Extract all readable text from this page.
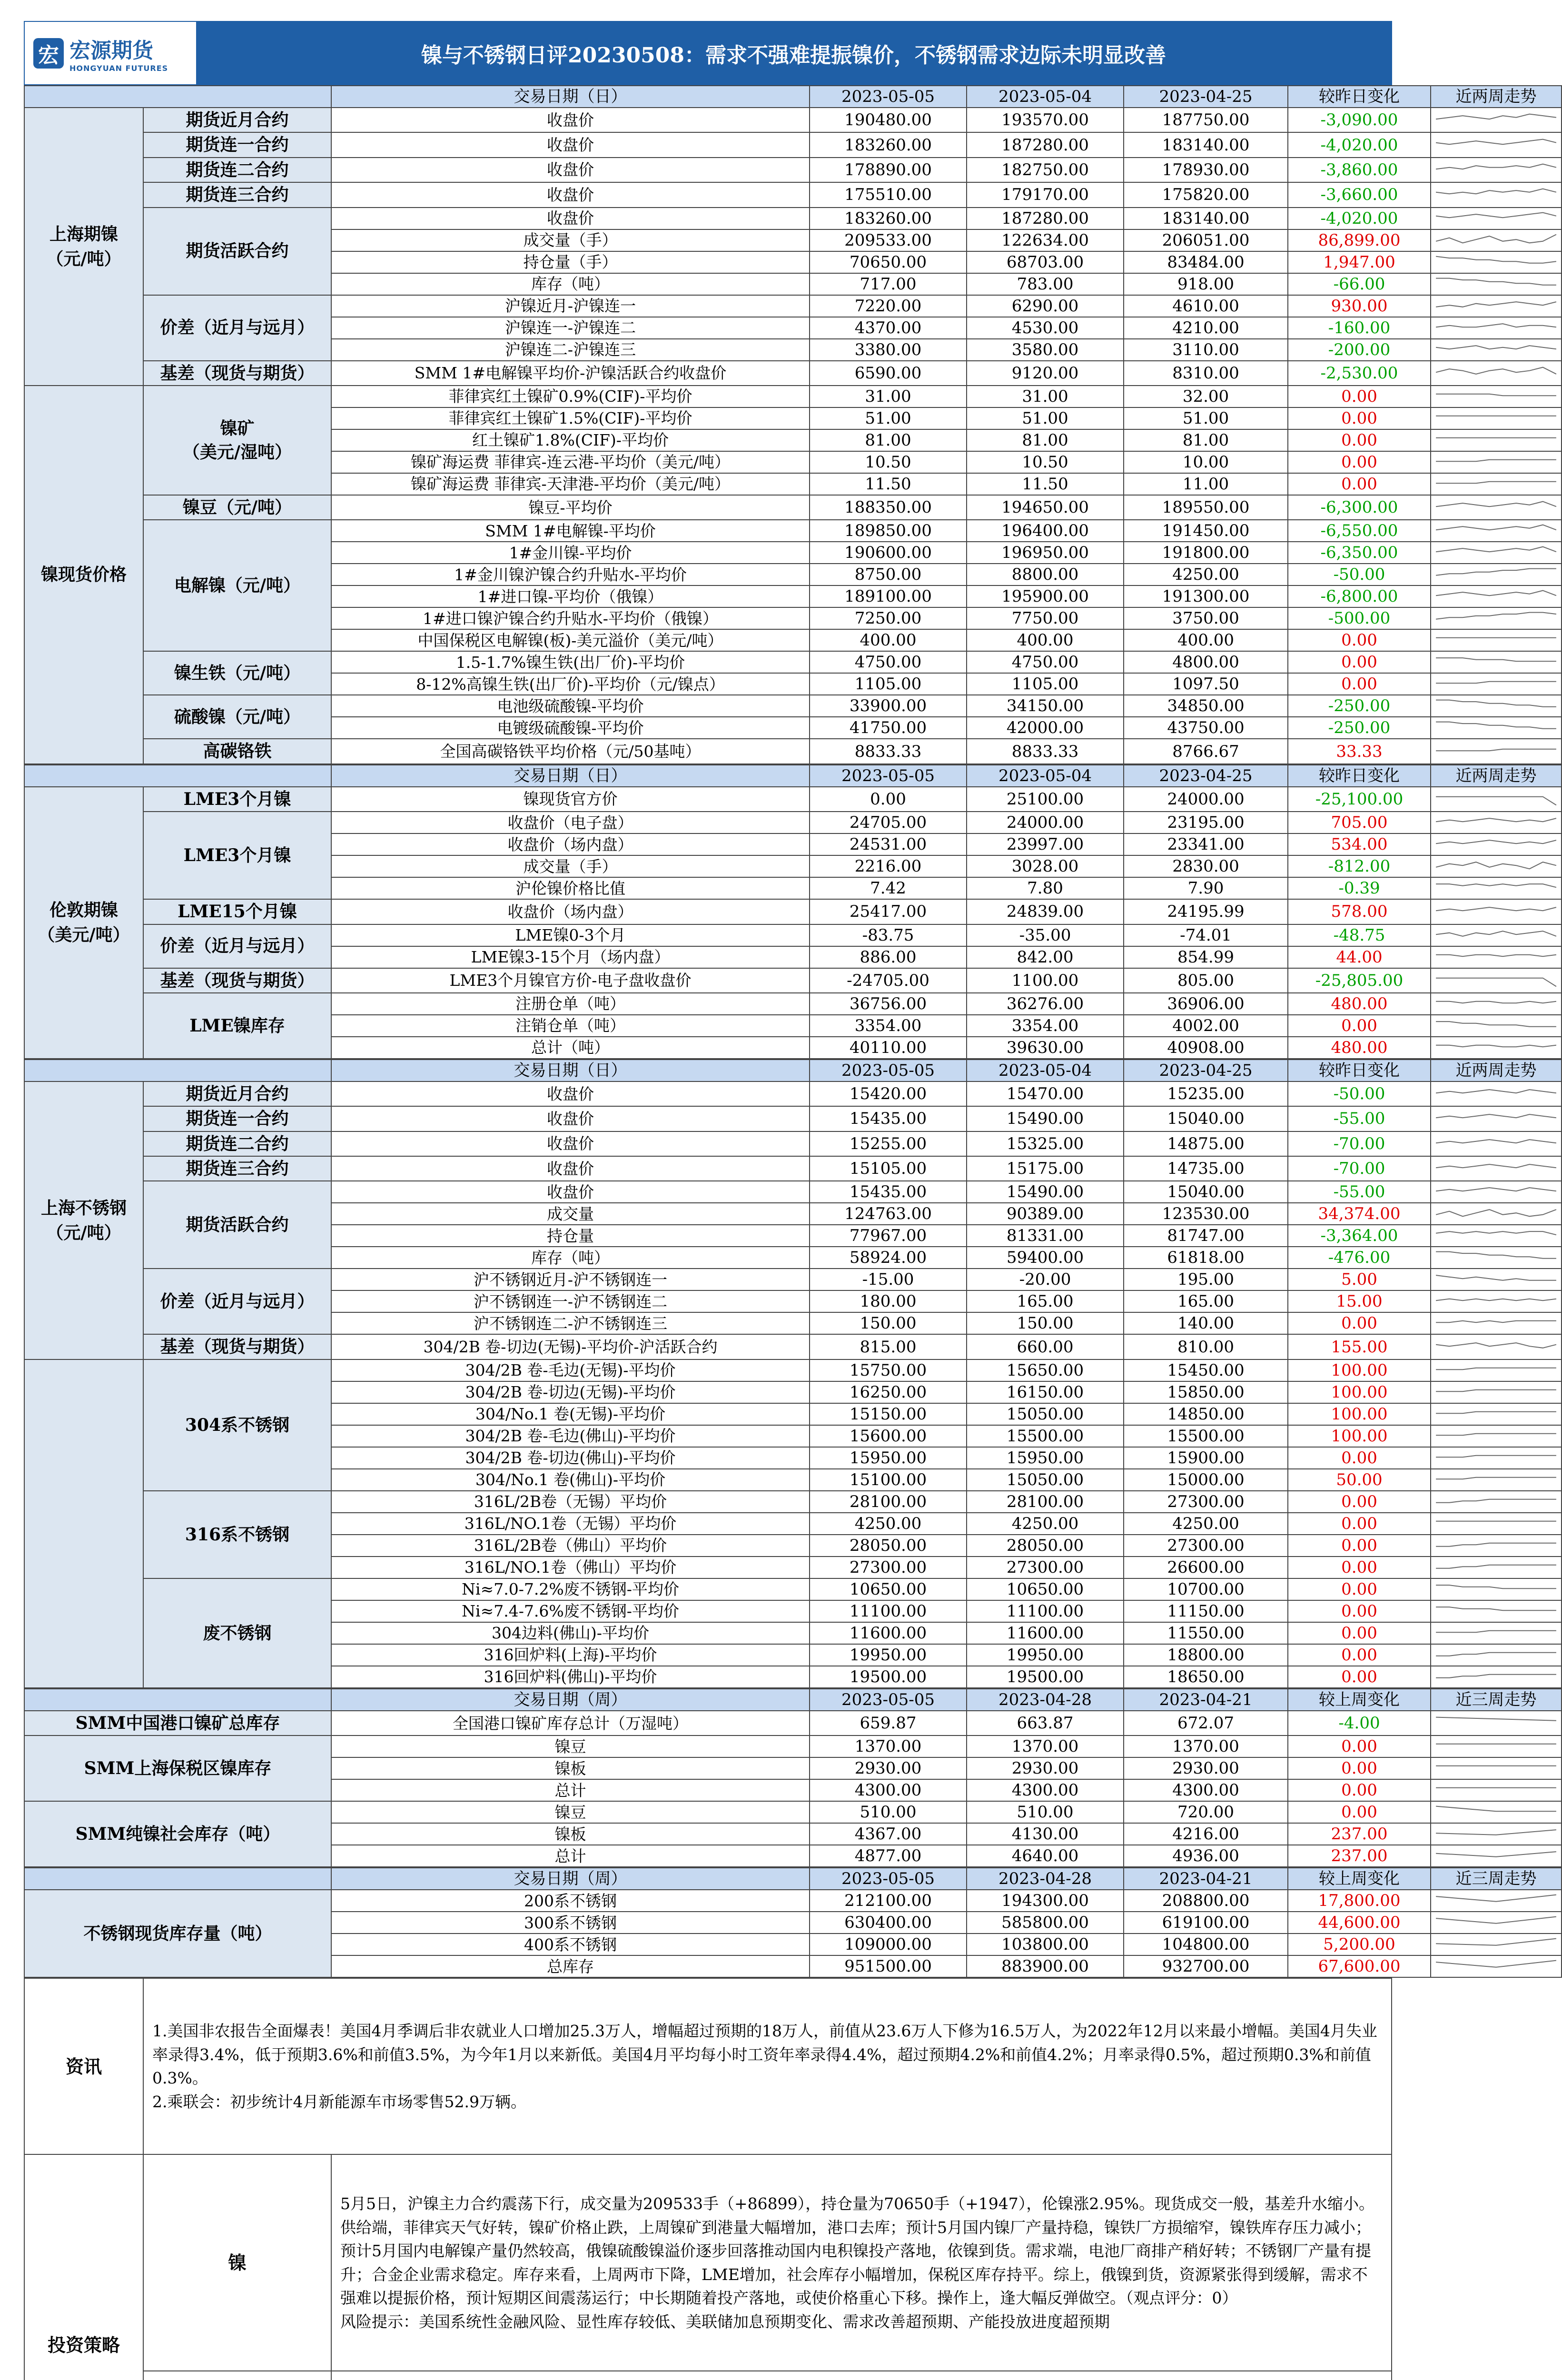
宏 宏源期货
HONGYUAN FUTURES
镍与不锈钢日评20230508：需求不强难提振镍价，不锈钢需求边际未明显改善
		交易日期（日）	2023-05-05	2023-05-04	2023-04-25	较昨日变化	近两周走势
上海期镍
（元/吨）	期货近月合约	收盘价	190480.00	193570.00	187750.00	-3,090.00	

	期货连一合约	收盘价	183260.00	187280.00	183140.00	-4,020.00	

	期货连二合约	收盘价	178890.00	182750.00	178930.00	-3,860.00	

	期货连三合约	收盘价	175510.00	179170.00	175820.00	-3,660.00	

	期货活跃合约	收盘价	183260.00	187280.00	183140.00	-4,020.00	

		成交量（手）	209533.00	122634.00	206051.00	86,899.00	

		持仓量（手）	70650.00	68703.00	83484.00	1,947.00	

		库存（吨）	717.00	783.00	918.00	-66.00	

	价差（近月与远月）	沪镍近月-沪镍连一	7220.00	6290.00	4610.00	930.00	

		沪镍连一-沪镍连二	4370.00	4530.00	4210.00	-160.00	

		沪镍连二-沪镍连三	3380.00	3580.00	3110.00	-200.00	

	基差（现货与期货）	SMM 1#电解镍平均价-沪镍活跃合约收盘价	6590.00	9120.00	8310.00	-2,530.00	

镍现货价格	镍矿
（美元/湿吨）	菲律宾红土镍矿0.9%(CIF)-平均价	31.00	31.00	32.00	0.00	

		菲律宾红土镍矿1.5%(CIF)-平均价	51.00	51.00	51.00	0.00	

		红土镍矿1.8%(CIF)-平均价	81.00	81.00	81.00	0.00	

		镍矿海运费 菲律宾-连云港-平均价（美元/吨）	10.50	10.50	10.00	0.00	

		镍矿海运费 菲律宾-天津港-平均价（美元/吨）	11.50	11.50	11.00	0.00	

	镍豆（元/吨）	镍豆-平均价	188350.00	194650.00	189550.00	-6,300.00	

	电解镍（元/吨）	SMM 1#电解镍-平均价	189850.00	196400.00	191450.00	-6,550.00	

		1#金川镍-平均价	190600.00	196950.00	191800.00	-6,350.00	

		1#金川镍沪镍合约升贴水-平均价	8750.00	8800.00	4250.00	-50.00	

		1#进口镍-平均价（俄镍）	189100.00	195900.00	191300.00	-6,800.00	

		1#进口镍沪镍合约升贴水-平均价（俄镍）	7250.00	7750.00	3750.00	-500.00	

		中国保税区电解镍(板)-美元溢价（美元/吨）	400.00	400.00	400.00	0.00	

	镍生铁（元/吨）	1.5-1.7%镍生铁(出厂价)-平均价	4750.00	4750.00	4800.00	0.00	

		8-12%高镍生铁(出厂价)-平均价（元/镍点）	1105.00	1105.00	1097.50	0.00	

	硫酸镍（元/吨）	电池级硫酸镍-平均价	33900.00	34150.00	34850.00	-250.00	

		电镀级硫酸镍-平均价	41750.00	42000.00	43750.00	-250.00	

	高碳铬铁	全国高碳铬铁平均价格（元/50基吨）	8833.33	8833.33	8766.67	33.33	
		交易日期（日）	2023-05-05	2023-05-04	2023-04-25	较昨日变化	近两周走势
伦敦期镍
（美元/吨）	LME3个月镍	镍现货官方价	0.00	25100.00	24000.00	-25,100.00	

	LME3个月镍	收盘价（电子盘）	24705.00	24000.00	23195.00	705.00	

		收盘价（场内盘）	24531.00	23997.00	23341.00	534.00	

		成交量（手）	2216.00	3028.00	2830.00	-812.00	

		沪伦镍价格比值	7.42	7.80	7.90	-0.39	

	LME15个月镍	收盘价（场内盘）	25417.00	24839.00	24195.99	578.00	

	价差（近月与远月）	LME镍0-3个月	-83.75	-35.00	-74.01	-48.75	

		LME镍3-15个月（场内盘）	886.00	842.00	854.99	44.00	

	基差（现货与期货）	LME3个月镍官方价-电子盘收盘价	-24705.00	1100.00	805.00	-25,805.00	

	LME镍库存	注册仓单（吨）	36756.00	36276.00	36906.00	480.00	

		注销仓单（吨）	3354.00	3354.00	4002.00	0.00	

		总计（吨）	40110.00	39630.00	40908.00	480.00	
		交易日期（日）	2023-05-05	2023-05-04	2023-04-25	较昨日变化	近两周走势
上海不锈钢
（元/吨）	期货近月合约	收盘价	15420.00	15470.00	15235.00	-50.00	

	期货连一合约	收盘价	15435.00	15490.00	15040.00	-55.00	

	期货连二合约	收盘价	15255.00	15325.00	14875.00	-70.00	

	期货连三合约	收盘价	15105.00	15175.00	14735.00	-70.00	

	期货活跃合约	收盘价	15435.00	15490.00	15040.00	-55.00	

		成交量	124763.00	90389.00	123530.00	34,374.00	

		持仓量	77967.00	81331.00	81747.00	-3,364.00	

		库存（吨）	58924.00	59400.00	61818.00	-476.00	

	价差（近月与远月）	沪不锈钢近月-沪不锈钢连一	-15.00	-20.00	195.00	5.00	

		沪不锈钢连一-沪不锈钢连二	180.00	165.00	165.00	15.00	

		沪不锈钢连二-沪不锈钢连三	150.00	150.00	140.00	0.00	

	基差（现货与期货）	304/2B 卷-切边(无锡)-平均价-沪活跃合约	815.00	660.00	810.00	155.00	

	304系不锈钢	304/2B 卷-毛边(无锡)-平均价	15750.00	15650.00	15450.00	100.00	

		304/2B 卷-切边(无锡)-平均价	16250.00	16150.00	15850.00	100.00	

		304/No.1 卷(无锡)-平均价	15150.00	15050.00	14850.00	100.00	

		304/2B 卷-毛边(佛山)-平均价	15600.00	15500.00	15500.00	100.00	

		304/2B 卷-切边(佛山)-平均价	15950.00	15950.00	15900.00	0.00	

		304/No.1 卷(佛山)-平均价	15100.00	15050.00	15000.00	50.00	

	316系不锈钢	316L/2B卷（无锡）平均价	28100.00	28100.00	27300.00	0.00	

		316L/NO.1卷（无锡）平均价	4250.00	4250.00	4250.00	0.00	

		316L/2B卷（佛山）平均价	28050.00	28050.00	27300.00	0.00	

		316L/NO.1卷（佛山）平均价	27300.00	27300.00	26600.00	0.00	

	废不锈钢	Ni≈7.0-7.2%废不锈钢-平均价	10650.00	10650.00	10700.00	0.00	

		Ni≈7.4-7.6%废不锈钢-平均价	11100.00	11100.00	11150.00	0.00	

		304边料(佛山)-平均价	11600.00	11600.00	11550.00	0.00	

		316回炉料(上海)-平均价	19950.00	19950.00	18800.00	0.00	

		316回炉料(佛山)-平均价	19500.00	19500.00	18650.00	0.00	
	交易日期（周）	2023-05-05	2023-04-28	2023-04-21	较上周变化	近三周走势
SMM中国港口镍矿总库存	全国港口镍矿库存总计（万湿吨）	659.87	663.87	672.07	-4.00	

SMM上海保税区镍库存	镍豆	1370.00	1370.00	1370.00	0.00	

	镍板	2930.00	2930.00	2930.00	0.00	

	总计	4300.00	4300.00	4300.00	0.00	

SMM纯镍社会库存（吨）	镍豆	510.00	510.00	720.00	0.00	

	镍板	4367.00	4130.00	4216.00	237.00	

	总计	4877.00	4640.00	4936.00	237.00	
	交易日期（周）	2023-05-05	2023-04-28	2023-04-21	较上周变化	近三周走势
不锈钢现货库存量（吨）	200系不锈钢	212100.00	194300.00	208800.00	17,800.00	

	300系不锈钢	630400.00	585800.00	619100.00	44,600.00	

	400系不锈钢	109000.00	103800.00	104800.00	5,200.00	

	总库存	951500.00	883900.00	932700.00	67,600.00	
资讯	1.美国非农报告全面爆表！美国4月季调后非农就业人口增加25.3万人，增幅超过预期的18万人，前值从23.6万人下修为16.5万人，为2022年12月以来最小增幅。美国4月失业率录得3.4%，低于预期3.6%和前值3.5%，为今年1月以来新低。美国4月平均每小时工资年率录得4.4%，超过预期4.2%和前值4.2%；月率录得0.5%，超过预期0.3%和前值0.3%。

2.乘联会：初步统计4月新能源车市场零售52.9万辆。	

投资策略	镍	5月5日，沪镍主力合约震荡下行，成交量为209533手（+86899），持仓量为70650手（+1947），伦镍涨2.95%。现货成交一般，基差升水缩小。供给端，菲律宾天气好转，镍矿价格止跌，上周镍矿到港量大幅增加，港口去库；预计5月国内镍厂产量持稳，镍铁厂方损缩窄，镍铁库存压力减小；预计5月国内电解镍产量仍然较高，俄镍硫酸镍溢价逐步回落推动国内电积镍投产落地，依镍到货。需求端，电池厂商排产稍好转；不锈钢厂产量有提升；合金企业需求稳定。库存来看，上周两市下降，LME增加，社会库存小幅增加，保税区库存持平。综上，俄镍到货，资源紧张得到缓解，需求不强难以提振价格，预计短期区间震荡运行；中长期随着投产落地，或使价格重心下移。操作上，逢大幅反弹做空。（观点评分：0）

风险提示：美国系统性金融风险、显性库存较低、美联储加息预期变化、需求改善超预期、产能投放进度超预期
